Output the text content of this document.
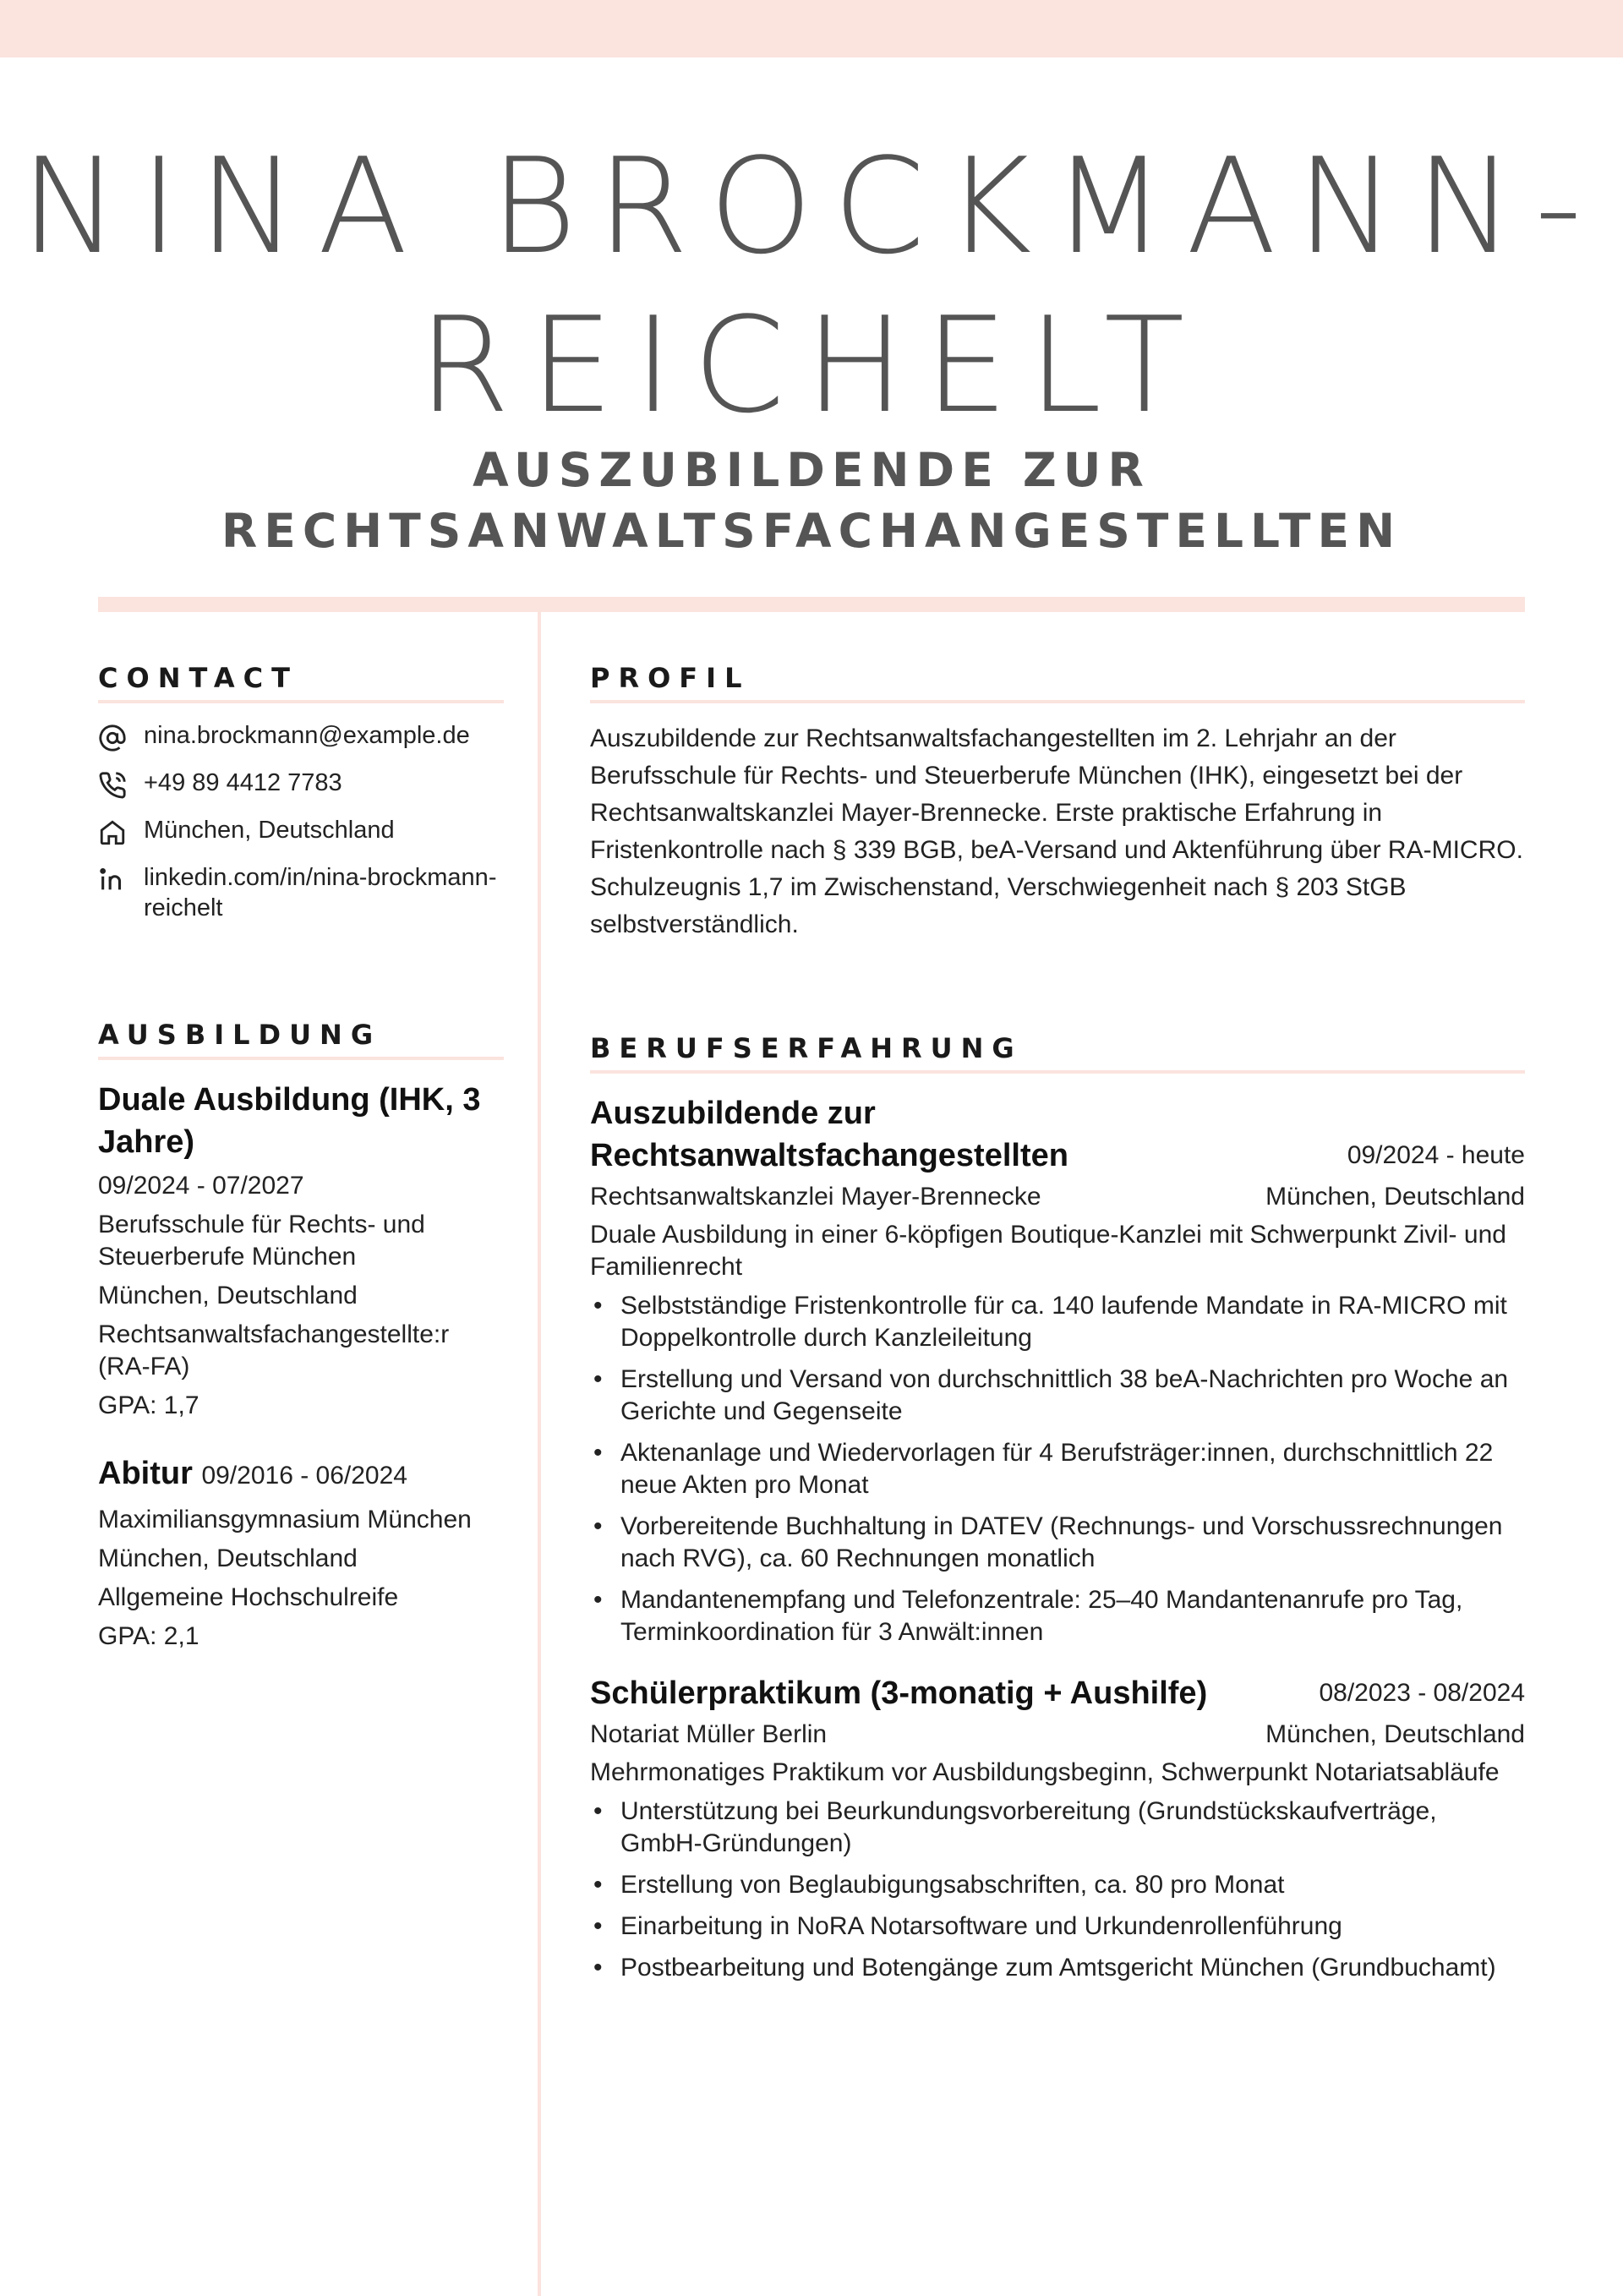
NINA BROCKMANN-
REICHELT
AUSZUBILDENDE ZUR
RECHTSANWALTSFACHANGESTELLTEN
CONTACT
nina.brockmann@example.de
+49 89 4412 7783
München, Deutschland
linkedin.com/in/nina-brockmann-reichelt
AUSBILDUNG
Duale Ausbildung (IHK, 3 Jahre)
09/2024 - 07/2027
Berufsschule für Rechts- und Steuerberufe München
München, Deutschland
Rechtsanwaltsfachangestellte:r (RA-FA)
GPA: 1,7
Abitur 09/2016 - 06/2024
Maximiliansgymnasium München
München, Deutschland
Allgemeine Hochschulreife
GPA: 2,1
PROFIL
Auszubildende zur Rechtsanwaltsfachangestellten im 2. Lehrjahr an der Berufsschule für Rechts- und Steuerberufe München (IHK), eingesetzt bei der Rechtsanwaltskanzlei Mayer-Brennecke. Erste praktische Erfahrung in Fristenkontrolle nach § 339 BGB, beA-Versand und Aktenführung über RA-MICRO. Schulzeugnis 1,7 im Zwischenstand, Verschwiegenheit nach § 203 StGB selbstverständlich.
BERUFSERFAHRUNG
Auszubildende zur Rechtsanwaltsfachangestellten	09/2024 - heute
Rechtsanwaltskanzlei Mayer-Brennecke	München, Deutschland
Duale Ausbildung in einer 6-köpfigen Boutique-Kanzlei mit Schwerpunkt Zivil- und Familienrecht
• Selbstständige Fristenkontrolle für ca. 140 laufende Mandate in RA-MICRO mit Doppelkontrolle durch Kanzleileitung
• Erstellung und Versand von durchschnittlich 38 beA-Nachrichten pro Woche an Gerichte und Gegenseite
• Aktenanlage und Wiedervorlagen für 4 Berufsträger:innen, durchschnittlich 22 neue Akten pro Monat
• Vorbereitende Buchhaltung in DATEV (Rechnungs- und Vorschussrechnungen nach RVG), ca. 60 Rechnungen monatlich
• Mandantenempfang und Telefonzentrale: 25–40 Mandantenanrufe pro Tag, Terminkoordination für 3 Anwält:innen
Schülerpraktikum (3-monatig + Aushilfe)	08/2023 - 08/2024
Notariat Müller Berlin	München, Deutschland
Mehrmonatiges Praktikum vor Ausbildungsbeginn, Schwerpunkt Notariatsabläufe
• Unterstützung bei Beurkundungsvorbereitung (Grundstückskaufverträge, GmbH-Gründungen)
• Erstellung von Beglaubigungsabschriften, ca. 80 pro Monat
• Einarbeitung in NoRA Notarsoftware und Urkundenrollenführung
• Postbearbeitung und Botengänge zum Amtsgericht München (Grundbuchamt)
